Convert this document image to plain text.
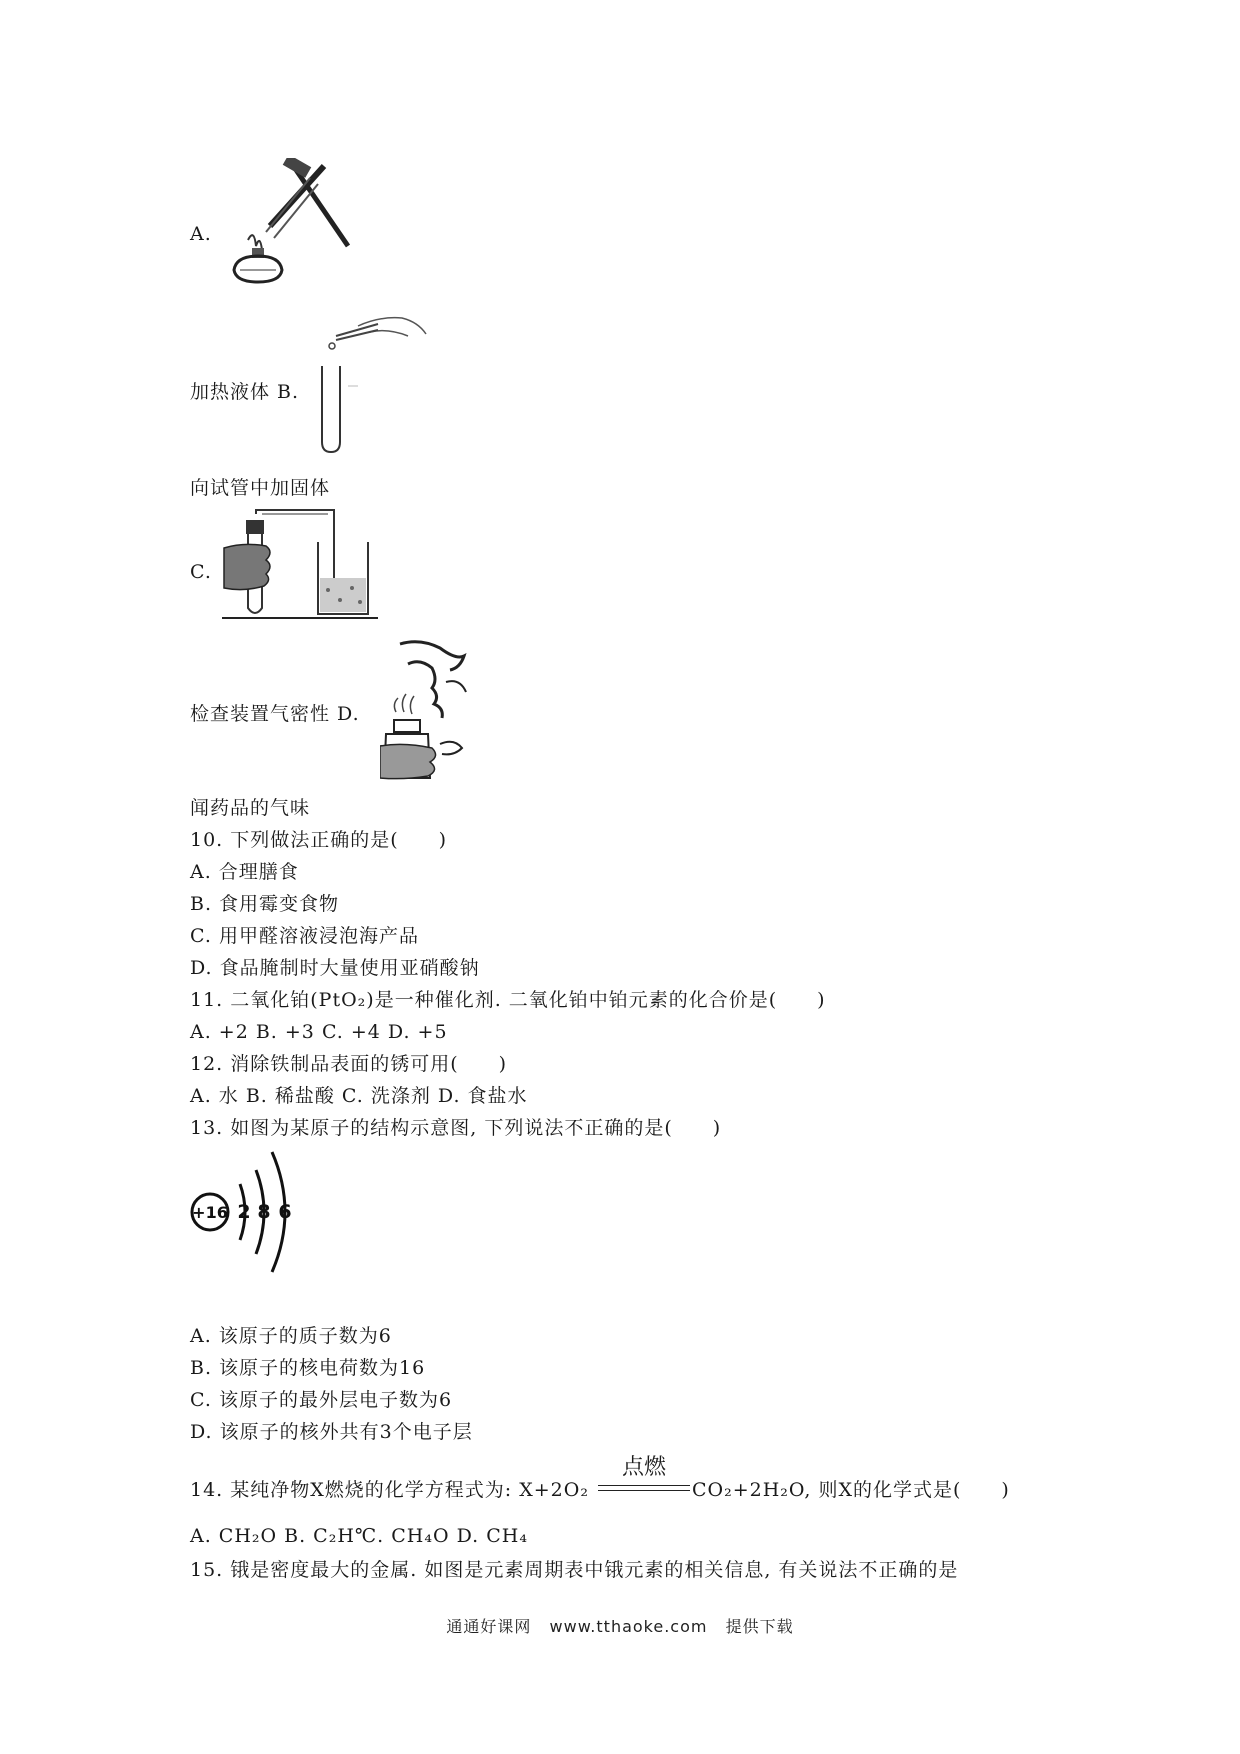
A.
加热液体 B.
向试管中加固体
C.
检查装置气密性 D.
闻药品的气味
10. 下列做法正确的是(　　)
A. 合理膳食
B. 食用霉变食物
C. 用甲醛溶液浸泡海产品
D. 食品腌制时大量使用亚硝酸钠
11. 二氧化铂(PtO₂)是一种催化剂. 二氧化铂中铂元素的化合价是(　　)
A. +2 B. +3 C. +4 D. +5
12. 消除铁制品表面的锈可用(　　)
A. 水 B. 稀盐酸 C. 洗涤剂 D. 食盐水
13. 如图为某原子的结构示意图, 下列说法不正确的是(　　)
+16 2 8 6
A. 该原子的质子数为6
B. 该原子的核电荷数为16
C. 该原子的最外层电子数为6
D. 该原子的核外共有3个电子层
14. 某纯净物X燃烧的化学方程式为: X+2O₂
点燃
CO₂+2H₂O, 则X的化学式是(　　)
A. CH₂O B. C₂H℃. CH₄O D. CH₄
15. 锇是密度最大的金属. 如图是元素周期表中锇元素的相关信息, 有关说法不正确的是
通通好课网 www.tthaoke.com 提供下载
